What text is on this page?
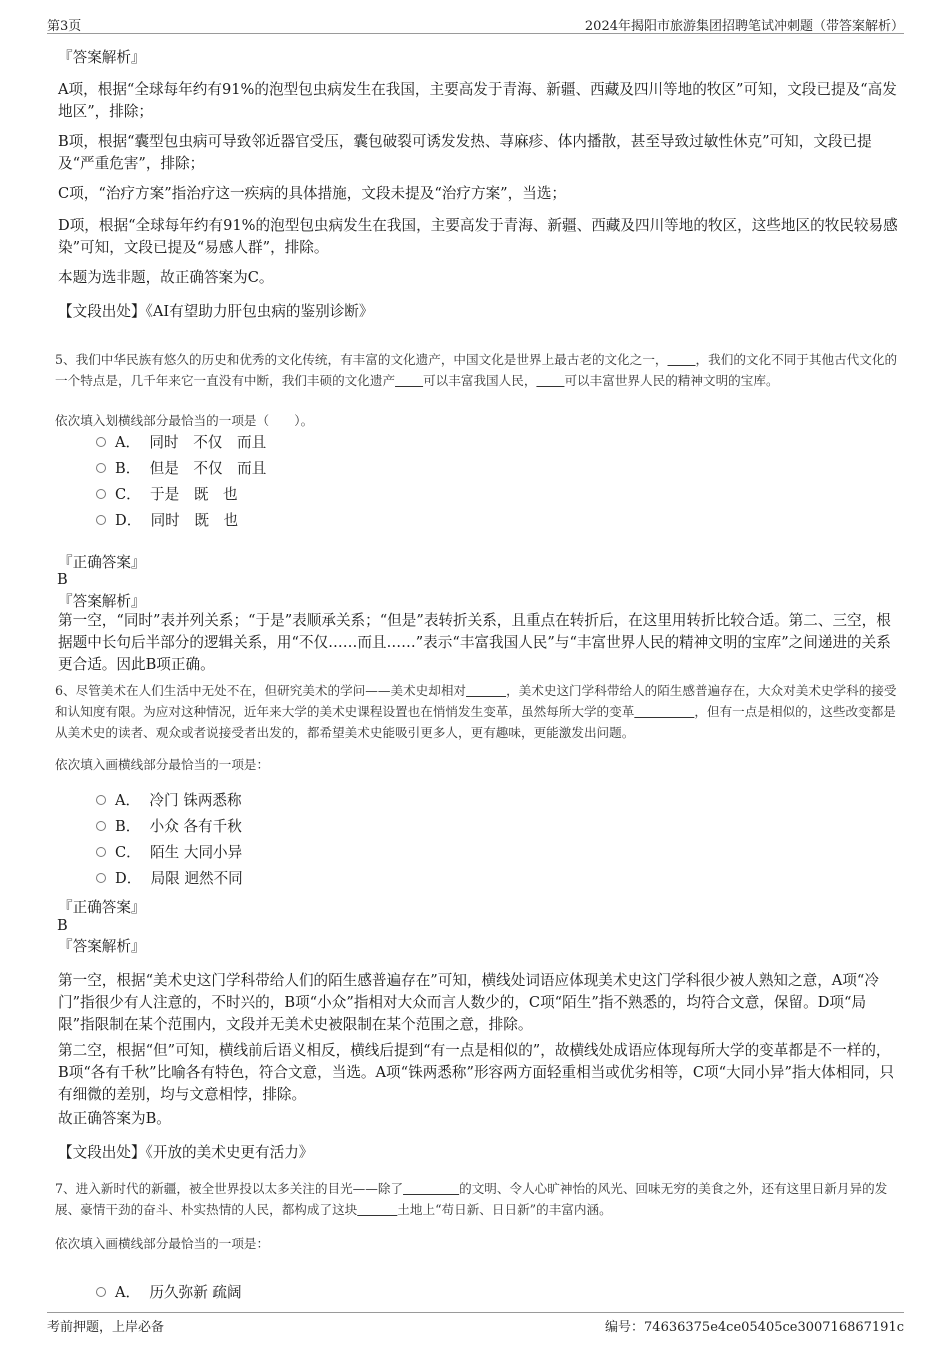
第3页	2024年揭阳市旅游集团招聘笔试冲刺题（带答案解析）
『答案解析』
A项，根据“全球每年约有91%的泡型包虫病发生在我国，主要高发于青海、新疆、西藏及四川等地的牧区”可知，文段已提及“高发地区”，排除；
B项，根据“囊型包虫病可导致邻近器官受压，囊包破裂可诱发发热、荨麻疹、体内播散，甚至导致过敏性休克”可知，文段已提及“严重危害”，排除；
C项，“治疗方案”指治疗这一疾病的具体措施，文段未提及“治疗方案”，当选；
D项，根据“全球每年约有91%的泡型包虫病发生在我国，主要高发于青海、新疆、西藏及四川等地的牧区，这些地区的牧民较易感染”可知，文段已提及“易感人群”，排除。
本题为选非题，故正确答案为C。
【文段出处】《AI有望助力肝包虫病的鉴别诊断》
5、我们中华民族有悠久的历史和优秀的文化传统，有丰富的文化遗产，中国文化是世界上最古老的文化之一， ，我们的文化不同于其他古代文化的一个特点是，几千年来它一直没有中断，我们丰硕的文化遗产 可以丰富我国人民， 可以丰富世界人民的精神文明的宝库。
依次填入划横线部分最恰当的一项是（　　）。
A．  同时　不仅　而且
B．  但是　不仅　而且
C．  于是　既　也
D．  同时　既　也
『正确答案』
B
『答案解析』
第一空，“同时”表并列关系；“于是”表顺承关系；“但是”表转折关系，且重点在转折后，在这里用转折比较合适。第二、三空，根据题中长句后半部分的逻辑关系，用“不仅……而且……”表示“丰富我国人民”与“丰富世界人民的精神文明的宝库”之间递进的关系更合适。因此B项正确。
6、尽管美术在人们生活中无处不在，但研究美术的学问——美术史却相对	，美术史这门学科带给人的陌生感普遍存在，大众对美术史学科的接受和认知度有限。为应对这种情况，近年来大学的美术史课程设置也在悄悄发生变革，虽然每所大学的变革	，但有一点是相似的，这些改变都是从美术史的读者、观众或者说接受者出发的，都希望美术史能吸引更多人，更有趣味，更能激发出问题。
依次填入画横线部分最恰当的一项是：
A．  冷门 铢两悉称
B．  小众 各有千秋
C．  陌生 大同小异
D．  局限 迥然不同
『正确答案』
B
『答案解析』
第一空，根据“美术史这门学科带给人们的陌生感普遍存在”可知，横线处词语应体现美术史这门学科很少被人熟知之意，A项“冷门”指很少有人注意的，不时兴的，B项“小众”指相对大众而言人数少的，C项“陌生”指不熟悉的，均符合文意，保留。D项“局限”指限制在某个范围内，文段并无美术史被限制在某个范围之意，排除。
第二空，根据“但”可知，横线前后语义相反，横线后提到“有一点是相似的”，故横线处成语应体现每所大学的变革都是不一样的，B项“各有千秋”比喻各有特色，符合文意，当选。A项“铢两悉称”形容两方面轻重相当或优劣相等，C项“大同小异”指大体相同，只有细微的差别，均与文意相悖，排除。
故正确答案为B。
【文段出处】《开放的美术史更有活力》
7、进入新时代的新疆，被全世界投以太多关注的目光——除了	的文明、令人心旷神怡的风光、回味无穷的美食之外，还有这里日新月异的发展、豪情干劲的奋斗、朴实热情的人民，都构成了这块	土地上“苟日新、日日新”的丰富内涵。
依次填入画横线部分最恰当的一项是：
A．  历久弥新 疏阔
考前押题，上岸必备	编号：74636375e4ce05405ce300716867191c
